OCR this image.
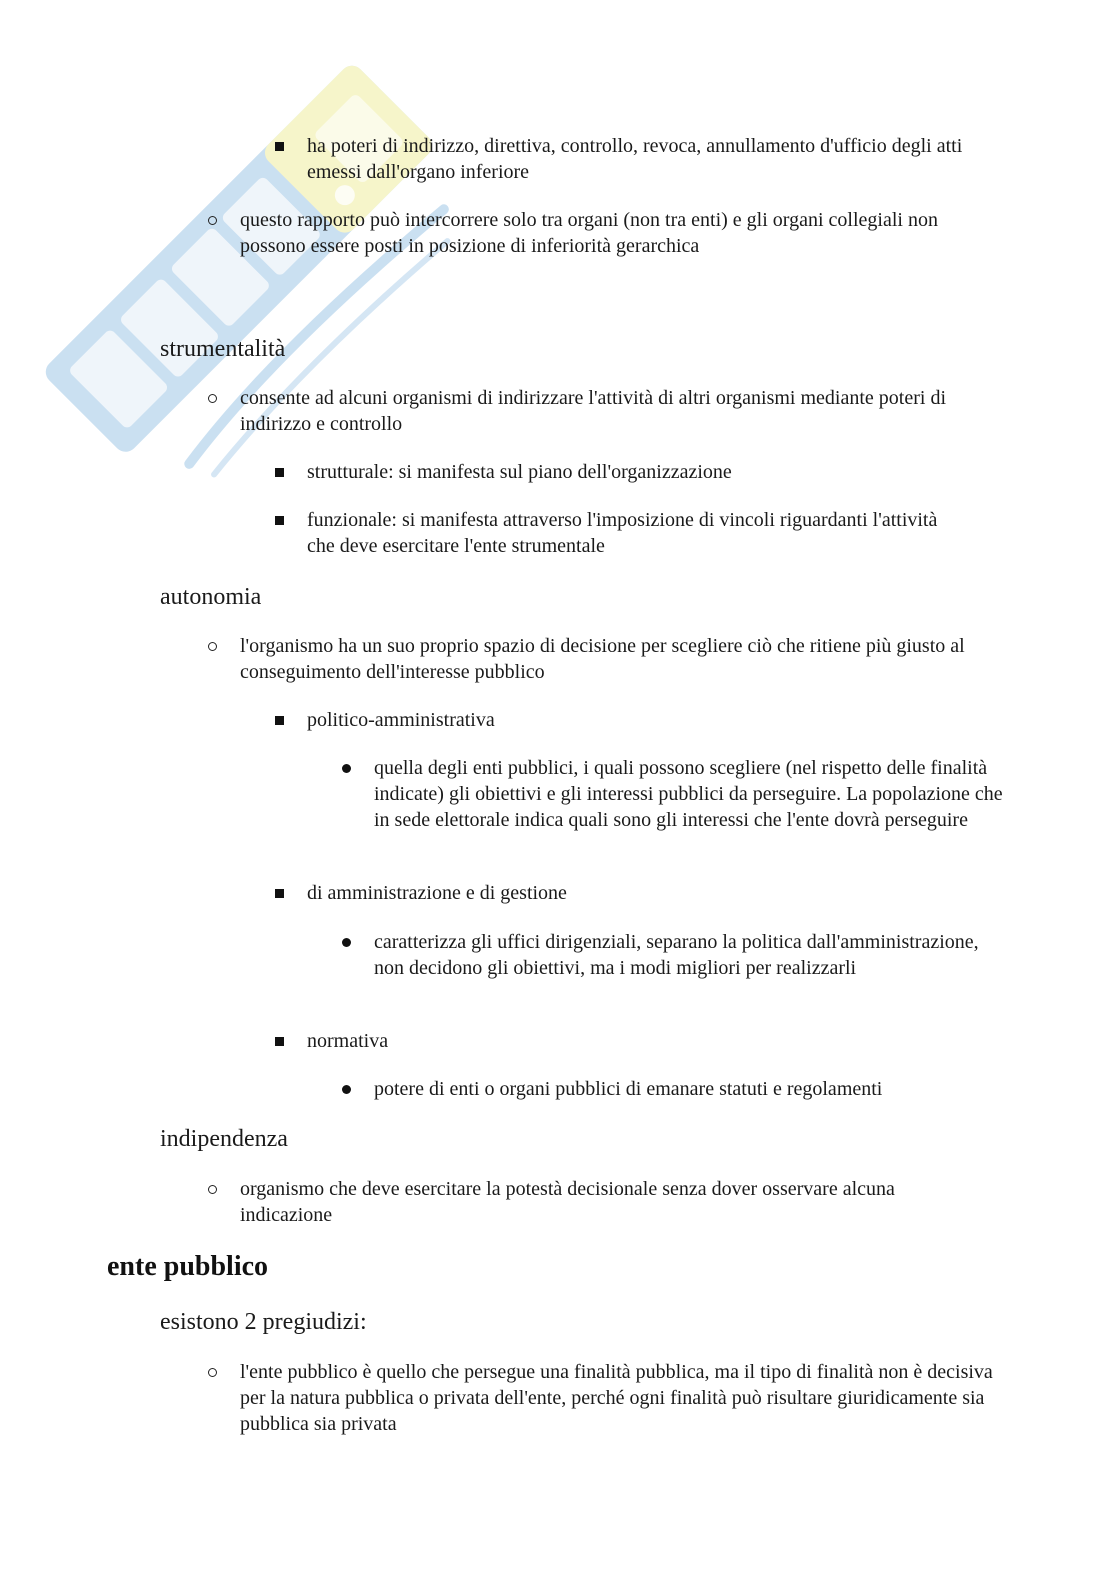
ha poteri di indirizzo, direttiva, controllo, revoca, annullamento d'ufficio degli atti emessi dall'organo inferiore
questo rapporto può intercorrere solo tra organi (non tra enti) e gli organi collegiali non possono essere posti in posizione di inferiorità gerarchica
strumentalità
consente ad alcuni organismi di indirizzare l'attività di altri organismi mediante poteri di indirizzo e controllo
strutturale: si manifesta sul piano dell'organizzazione
funzionale: si manifesta attraverso l'imposizione di vincoli riguardanti l'attività che deve esercitare l'ente strumentale
autonomia
l'organismo ha un suo proprio spazio di decisione per scegliere ciò che ritiene più giusto al conseguimento dell'interesse pubblico
politico-amministrativa
quella degli enti pubblici, i quali possono scegliere (nel rispetto delle finalità indicate) gli obiettivi e gli interessi pubblici da perseguire. La popolazione che in sede elettorale indica quali sono gli interessi che l'ente dovrà perseguire
di amministrazione e di gestione
caratterizza gli uffici dirigenziali, separano la politica dall'amministrazione, non decidono gli obiettivi, ma i modi migliori per realizzarli
normativa
potere di enti o organi pubblici di emanare statuti e regolamenti
indipendenza
organismo che deve esercitare la potestà decisionale senza dover osservare alcuna indicazione
ente pubblico
esistono 2 pregiudizi:
l'ente pubblico è quello che persegue una finalità pubblica, ma il tipo di finalità non è decisiva per la natura pubblica o privata dell'ente, perché ogni finalità può risultare giuridicamente sia pubblica sia privata
